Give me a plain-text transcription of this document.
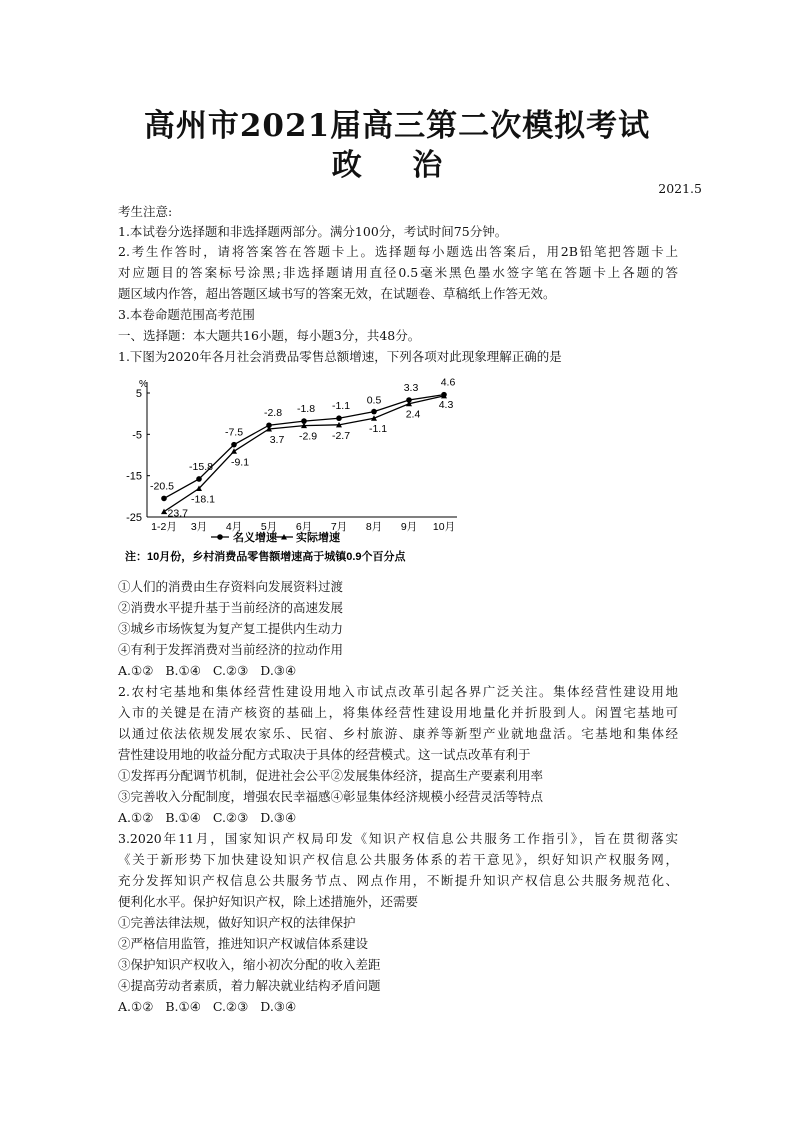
高州市2021届高三第二次模拟考试
政 治
2021.5
考生注意:
1.本试卷分选择题和非选择题两部分。满分100分，考试时间75分钟。
2.考生作答时，请将答案答在答题卡上。选择题每小题选出答案后，用2B铅笔把答题卡上
对应题目的答案标号涂黑;非选择题请用直径0.5毫米黑色墨水签字笔在答题卡上各题的答
题区域内作答，超出答题区域书写的答案无效，在试题卷、草稿纸上作答无效。
3.本卷命题范围高考范围
一、选择题：本大题共16小题，每小题3分，共48分。
1.下图为2020年各月社会消费品零售总额增速，下列各项对此现象理解正确的是
%
5
-5
-15
-25
1-2月 3月 4月 5月 6月 7月 8月 9月 10月
-20.5
-15.8
-7.5
-2.8 -1.8 -1.1 0.5
3.3 4.6
-23.7
-18.1
-9.1
3.7 -2.9 -2.7
-1.1
2.4
4.3
名义增速 实际增速
注：10月份，乡村消费品零售额增速高于城镇0.9个百分点
①人们的消费由生存资料向发展资料过渡
②消费水平提升基于当前经济的高速发展
③城乡市场恢复为复产复工提供内生动力
④有利于发挥消费对当前经济的拉动作用
A.①②   B.①④   C.②③   D.③④
2.农村宅基地和集体经营性建设用地入市试点改革引起各界广泛关注。集体经营性建设用地
入市的关键是在清产核资的基础上，将集体经营性建设用地量化并折股到人。闲置宅基地可
以通过依法依规发展农家乐、民宿、乡村旅游、康养等新型产业就地盘活。宅基地和集体经
营性建设用地的收益分配方式取决于具体的经营模式。这一试点改革有利于
①发挥再分配调节机制，促进社会公平②发展集体经济，提高生产要素利用率
③完善收入分配制度，增强农民幸福感④彰显集体经济规模小经营灵活等特点
A.①②   B.①④   C.②③   D.③④
3.2020年11月，国家知识产权局印发《知识产权信息公共服务工作指引》，旨在贯彻落实
《关于新形势下加快建设知识产权信息公共服务体系的若干意见》，织好知识产权服务网，
充分发挥知识产权信息公共服务节点、网点作用，不断提升知识产权信息公共服务规范化、
便利化水平。保护好知识产权，除上述措施外，还需要
①完善法律法规，做好知识产权的法律保护
②严格信用监管，推进知识产权诚信体系建设
③保护知识产权收入，缩小初次分配的收入差距
④提高劳动者素质，着力解决就业结构矛盾问题
A.①②   B.①④   C.②③   D.③④
